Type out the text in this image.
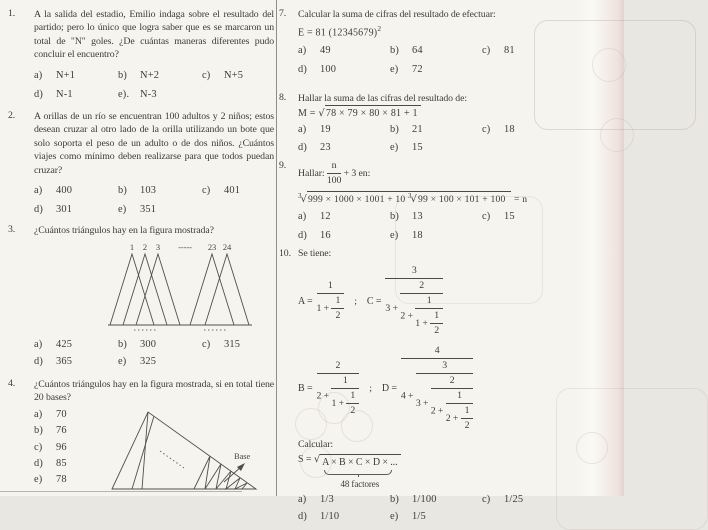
1.	A la salida del estadio, Emilio indaga sobre el resultado del partido; pero lo único que logra saber que es se marcaron un total de "N" goles. ¿De cuántas maneras diferentes pudo concluir el encuentro?

a) N+1	b) N+2	c) N+5
d) N-1	e). N-3
2.	A orillas de un río se encuentran 100 adultos y 2 niños; estos desean cruzar al otro lado de la orilla utilizando un bote que solo soporta el peso de un adulto o de dos niños. ¿Cuántos viajes como mínimo deben realizarse para que todos puedan cruzar?

a) 400	b) 103	c) 401
d) 301	e) 351
3.	¿Cuántos triángulos hay en la figura mostrada?

1 2 3 ----- 23 24
a) 425	b) 300	c) 315
d) 365	e) 325
4.	¿Cuántos triángulos hay en la figura mostrada, si en total tiene 20 bases?

a) 70
b) 76
c) 96
d) 85
e) 78
Base
7.	Calcular la suma de cifras del resultado de efectuar:

E = 81 $(12345679)^2$
a) 49	b) 64	c) 81
d) 100	e) 72
8.	Hallar la suma de las cifras del resultado de:

M = √78 × 79 × 80 × 81 + 1
a) 19	b) 21	c) 18
d) 23	e) 15
9.
Hallar: $\frac{n}{100} + 3$ en:
$^3$√999 × 1000 × 1001 + 10 $^3$√99 × 100 × 101 + 100 = n
a) 12	b) 13	c) 15
d) 16	e) 18
10. Se tiene:
$A = \frac{1}{1 + \frac{1}{2}}$ ; $C = \frac{3}{3 + \frac{2}{2 + \frac{1}{1 + \frac{1}{2}}}}$
$B = \frac{2}{2 + \frac{1}{1 + \frac{1}{2}}}$ ; $D = \frac{4}{4 + \frac{3}{3 + \frac{2}{2 + \frac{1}{2 + \frac{1}{2}}}}}$
Calcular:
S = √ A × B × C × D × ...
48 factores
a) 1/3	b) 1/100	c) 1/25
d) 1/10	e) 1/5
